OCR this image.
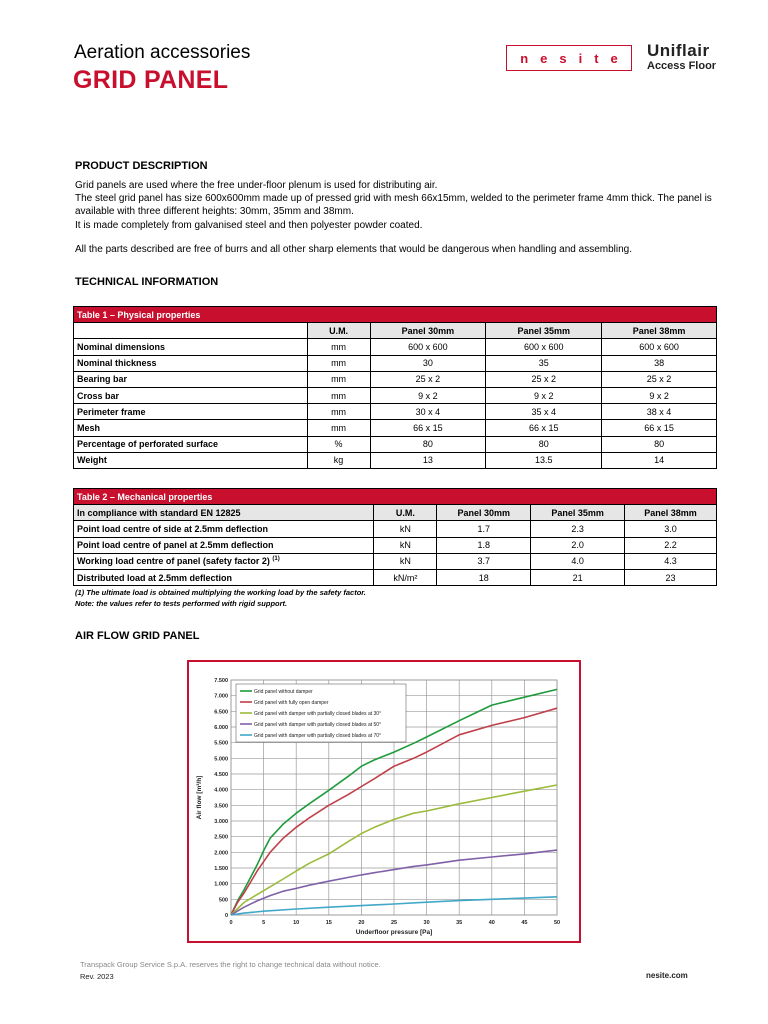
Aeration accessories
GRID PANEL
nesite Uniflair
Access Floor
PRODUCT DESCRIPTION
Grid panels are used where the free under-floor plenum is used for distributing air.
The steel grid panel has size 600x600mm made up of pressed grid with mesh 66x15mm, welded to the perimeter frame 4mm thick. The panel is available with three different heights: 30mm, 35mm and 38mm.
It is made completely from galvanised steel and then polyester powder coated.
All the parts described are free of burrs and all other sharp elements that would be dangerous when handling and assembling.
TECHNICAL INFORMATION
Table 1 – Physical properties				
	U.M.	Panel 30mm	Panel 35mm	Panel 38mm
Nominal dimensions	mm	600 x 600	600 x 600	600 x 600
Nominal thickness	mm	30	35	38
Bearing bar	mm	25 x 2	25 x 2	25 x 2
Cross bar	mm	9 x 2	9 x 2	9 x 2
Perimeter frame	mm	30 x 4	35 x 4	38 x 4
Mesh	mm	66 x 15	66 x 15	66 x 15
Percentage of perforated surface	%	80	80	80
Weight	kg	13	13.5	14
Table 2 – Mechanical properties				
In compliance with standard EN 12825	U.M.	Panel 30mm	Panel 35mm	Panel 38mm
Point load centre of side at 2.5mm deflection	kN	1.7	2.3	3.0
Point load centre of panel at 2.5mm deflection	kN	1.8	2.0	2.2
Working load centre of panel (safety factor 2) $^{(1)}$	kN	3.7	4.0	4.3
Distributed load at 2.5mm deflection	kN/m²	18	21	23
(1) The ultimate load is obtained multiplying the working load by the safety factor.
Note: the values refer to tests performed with rigid support.
AIR FLOW GRID PANEL
0
500
1.000
1.500
2.000
2.500
3.000
3.500
4.000
4.500
5.000
5.500
6.000
6.500
7.000
7.500
0	5	10	15	20	25	30	35	40	45	50
Underfloor pressure [Pa]
Air flow [m³/h]
Grid panel without damper
Grid panel with fully open damper
Grid panel with damper with partially closed blades at 30°
Grid panel with damper with partially closed blades at 50°
Grid panel with damper with partially closed blades at 70°
Transpack Group Service S.p.A. reserves the right to change technical data without notice.
Rev. 2023	nesite.com
